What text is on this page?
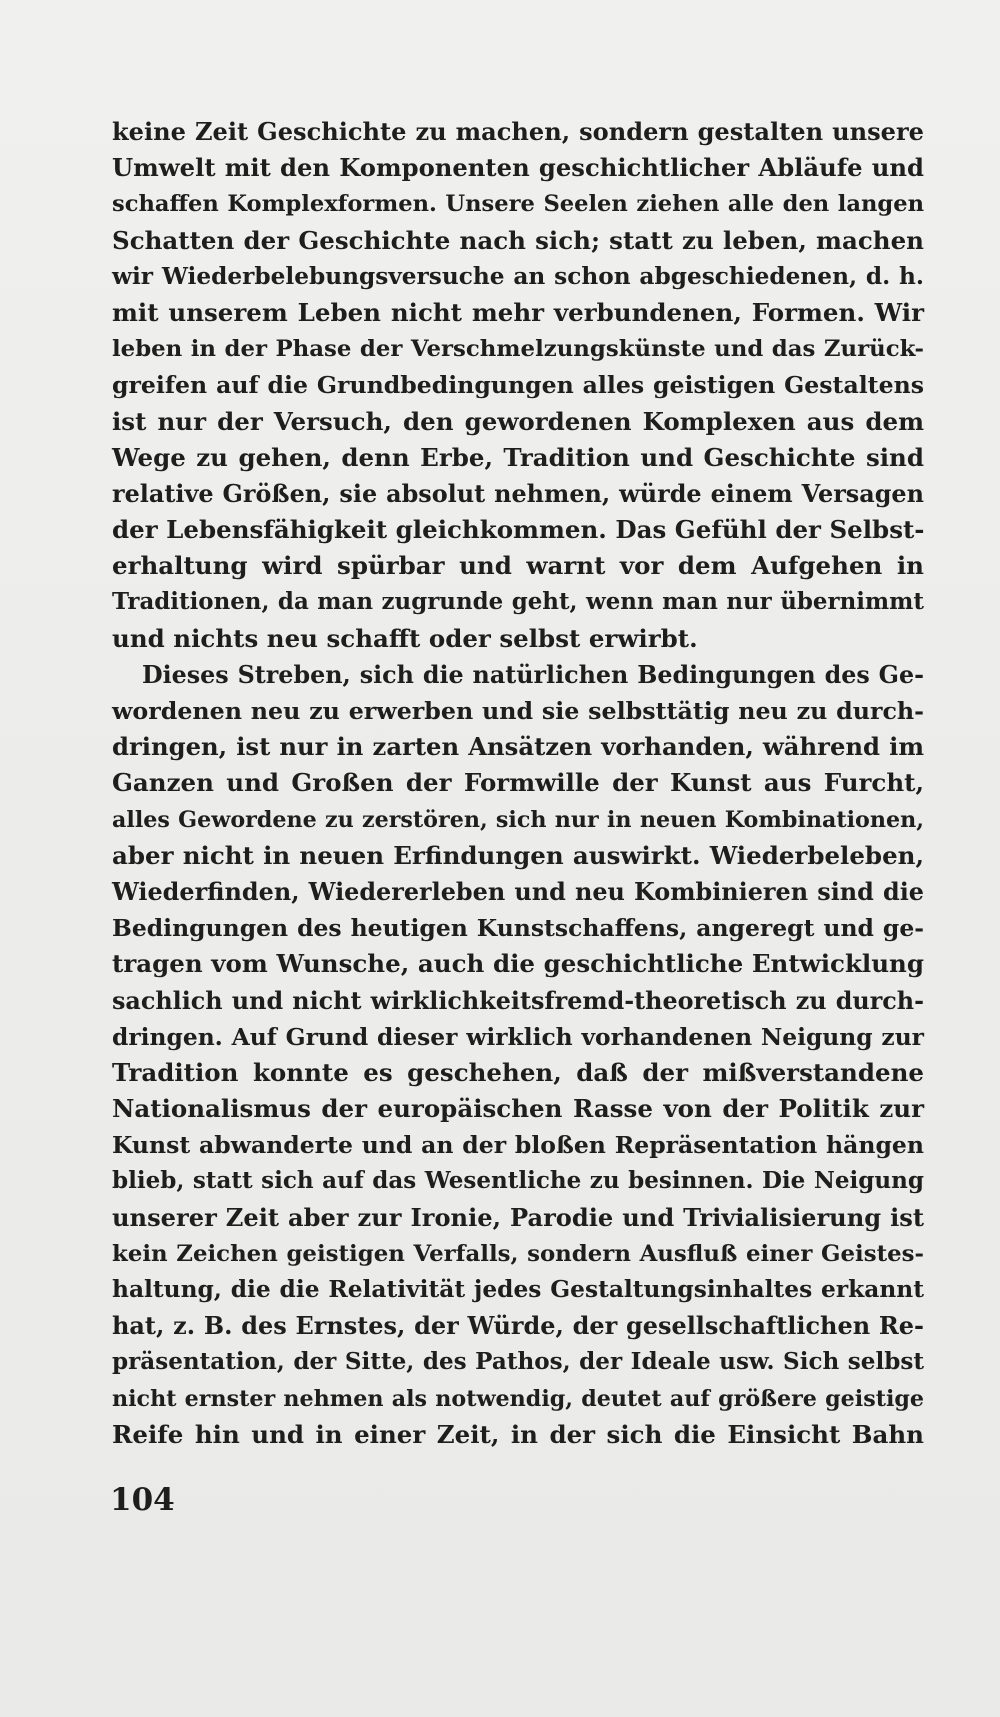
keine Zeit Geschichte zu machen, sondern gestalten unsere
Umwelt mit den Komponenten geschichtlicher Abläufe und
schaffen Komplexformen. Unsere Seelen ziehen alle den langen
Schatten der Geschichte nach sich; statt zu leben, machen
wir Wiederbelebungsversuche an schon abgeschiedenen, d. h.
mit unserem Leben nicht mehr verbundenen, Formen. Wir
leben in der Phase der Verschmelzungskünste und das Zurück-
greifen auf die Grundbedingungen alles geistigen Gestaltens
ist nur der Versuch, den gewordenen Komplexen aus dem
Wege zu gehen, denn Erbe, Tradition und Geschichte sind
relative Größen, sie absolut nehmen, würde einem Versagen
der Lebensfähigkeit gleichkommen. Das Gefühl der Selbst-
erhaltung wird spürbar und warnt vor dem Aufgehen in
Traditionen, da man zugrunde geht, wenn man nur übernimmt
und nichts neu schafft oder selbst erwirbt.
Dieses Streben, sich die natürlichen Bedingungen des Ge-
wordenen neu zu erwerben und sie selbsttätig neu zu durch-
dringen, ist nur in zarten Ansätzen vorhanden, während im
Ganzen und Großen der Formwille der Kunst aus Furcht,
alles Gewordene zu zerstören, sich nur in neuen Kombinationen,
aber nicht in neuen Erfindungen auswirkt. Wiederbeleben,
Wiederfinden, Wiedererleben und neu Kombinieren sind die
Bedingungen des heutigen Kunstschaffens, angeregt und ge-
tragen vom Wunsche, auch die geschichtliche Entwicklung
sachlich und nicht wirklichkeitsfremd-theoretisch zu durch-
dringen. Auf Grund dieser wirklich vorhandenen Neigung zur
Tradition konnte es geschehen, daß der mißverstandene
Nationalismus der europäischen Rasse von der Politik zur
Kunst abwanderte und an der bloßen Repräsentation hängen
blieb, statt sich auf das Wesentliche zu besinnen. Die Neigung
unserer Zeit aber zur Ironie, Parodie und Trivialisierung ist
kein Zeichen geistigen Verfalls, sondern Ausfluß einer Geistes-
haltung, die die Relativität jedes Gestaltungsinhaltes erkannt
hat, z. B. des Ernstes, der Würde, der gesellschaftlichen Re-
präsentation, der Sitte, des Pathos, der Ideale usw. Sich selbst
nicht ernster nehmen als notwendig, deutet auf größere geistige
Reife hin und in einer Zeit, in der sich die Einsicht Bahn
104
